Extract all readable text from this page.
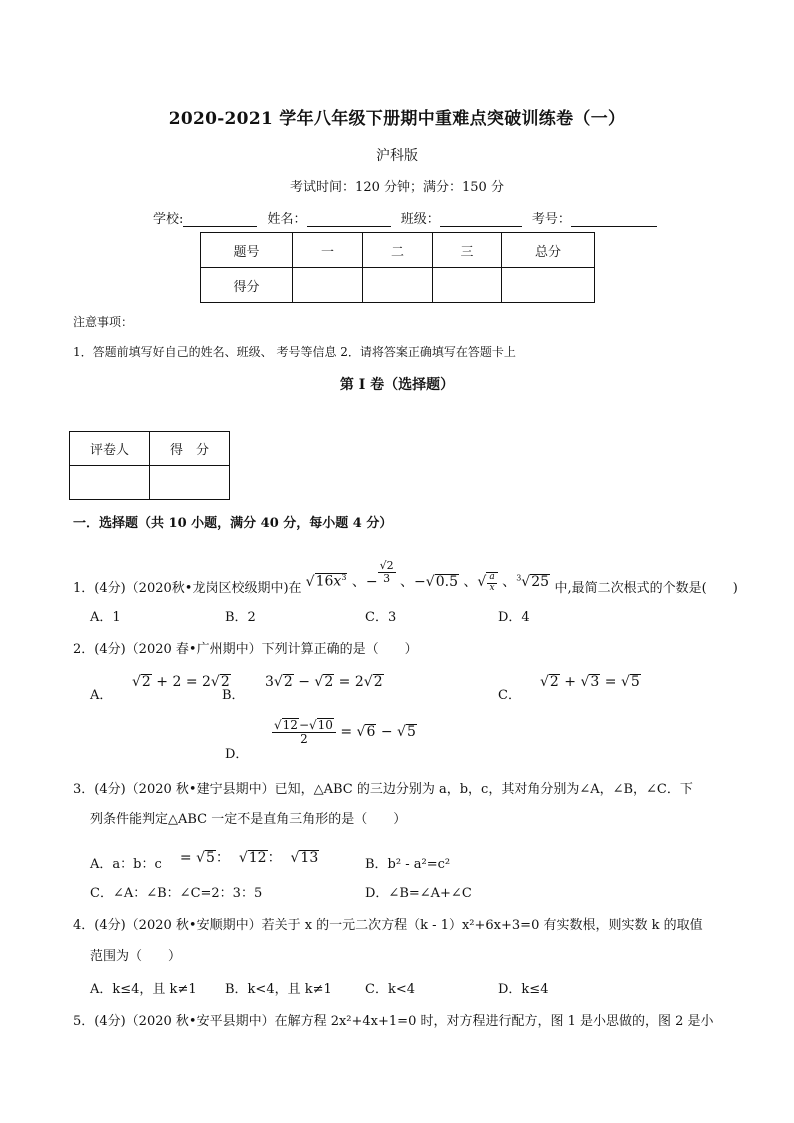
2020-2021 学年八年级下册期中重难点突破训练卷（一）
沪科版
考试时间：120 分钟；满分：150 分
学校:	姓名：	班级：	考号：
题号	一	二	三	总分
得分				
注意事项：
1．答题前填写好自己的姓名、班级、 考号等信息 2．请将答案正确填写在答题卡上
第 I 卷（选择题）
评卷人	得　分

一．选择题（共 10 小题，满分 40 分，每小题 4 分）
1．(4分)（2020秋•龙岗区校级期中)在 $√16x^3$ 、− $\frac{√2}{3}$ 、−√0.5 、√ $\frac{a}{x}$ 、$^3$√25 中,最简二次根式的个数是(　　)
A．1	B．2	C．3	D．4
2．(4分)（2020 春•广州期中）下列计算正确的是（　　）
A．
√2 + 2 = 2√2
B．
3√2 − √2 = 2√2
C．
√2 + √3 = √5
D．
$\frac{√12-√10}{2} = √6 - √5$
3．(4分)（2020 秋•建宁县期中）已知，△ABC 的三边分别为 a，b，c，其对角分别为∠A，∠B，∠C．下
列条件能判定△ABC 一定不是直角三角形的是（　　）
A．a：b：c = √5：  √12：  √13	B．b² - a²=c²
C．∠A：∠B：∠C=2：3：5	D．∠B=∠A+∠C
4．(4分)（2020 秋•安顺期中）若关于 x 的一元二次方程（k - 1）x²+6x+3=0 有实数根，则实数 k 的取值
范围为（　　）
A．k≤4，且 k≠1 B．k<4，且 k≠1	C．k<4	D．k≤4
5．(4分)（2020 秋•安平县期中）在解方程 2x²+4x+1=0 时，对方程进行配方，图 1 是小思做的，图 2 是小
